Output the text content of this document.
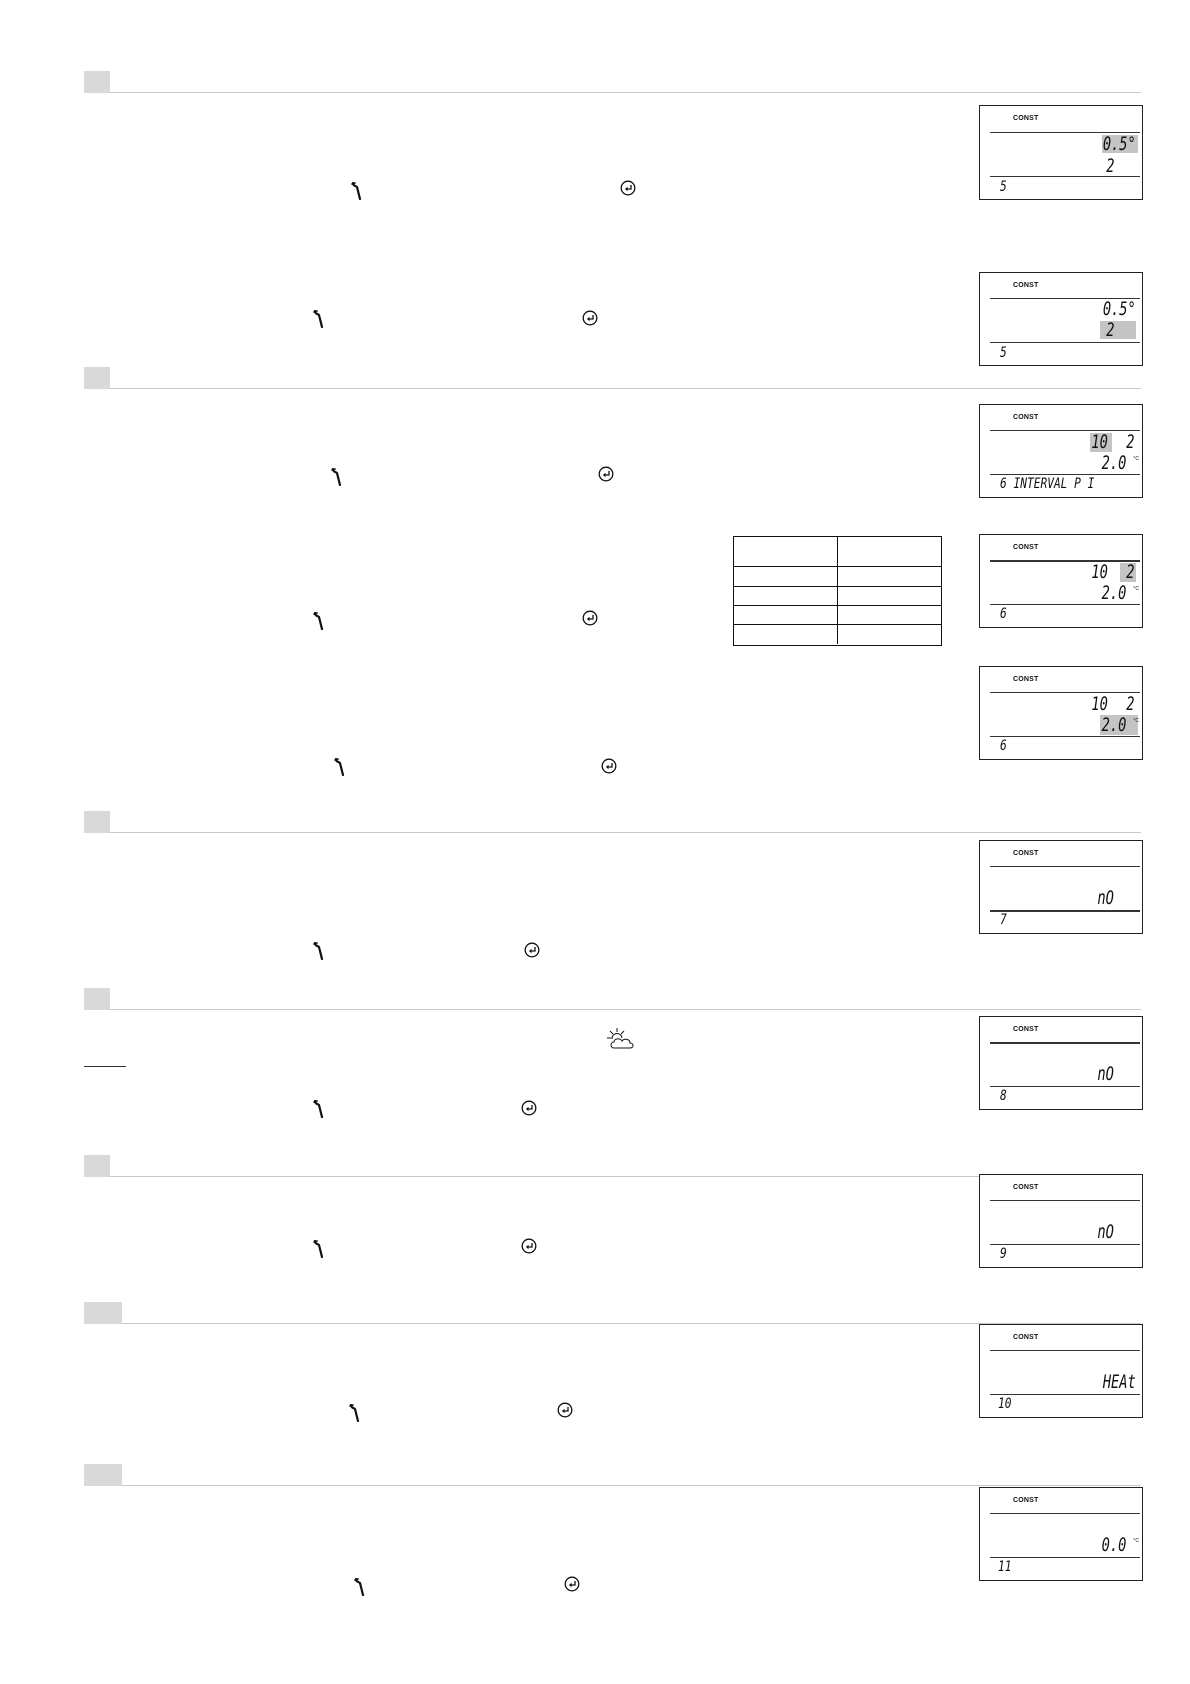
CONST
0.5°
2
5
CONST
0.5°
2
5
CONST
10 2
2.0 °C
6 INTERVAL P I
CONST
10 2
2.0 °C
6
CONST
10 2
2.0 °C
6
CONST
nO
7
CONST
nO
8
CONST
nO
9
CONST
HEAt
10
CONST
0.0 °C
11
